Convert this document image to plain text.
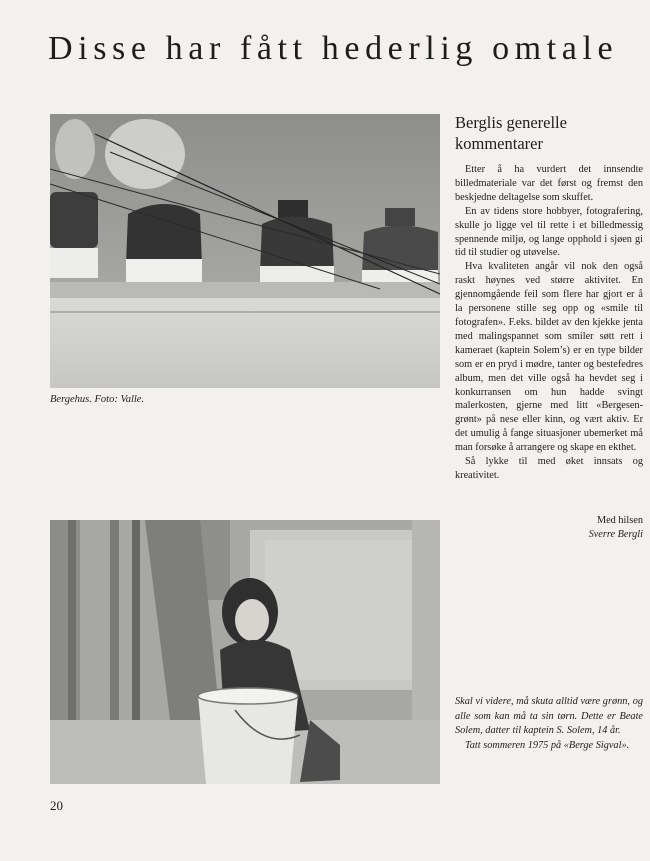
Disse har fått hederlig omtale
Bergehus. Foto: Valle.

Skal vi videre, må skuta alltid være grønn, og alle som kan må ta sin tørn. Dette er Beate Solem, datter til kaptein S. Solem, 14 år.

Tatt sommeren 1975 på «Berge Sigval».

Berglis generelle kommentarer

Etter å ha vurdert det innsendte billedmateriale var det først og fremst den beskjedne deltagelse som skuffet.

En av tidens store hobbyer, fotografering, skulle jo ligge vel til rette i et billedmessig spennende miljø, og lange opphold i sjøen gi tid til studier og utøvelse.

Hva kvaliteten angår vil nok den også raskt høynes ved større aktivitet. En gjennomgående feil som flere har gjort er å la personene stille seg opp og «smile til fotografen». F.eks. bildet av den kjekke jenta med malingspannet som smiler søtt rett i kameraet (kaptein Solem’s) er en type bilder som er en pryd i mødre, tanter og bestefedres album, men det ville også ha hevdet seg i konkurransen om hun hadde svingt malerkosten, gjerne med litt «Bergesen-grønt» på nese eller kinn, og vært aktiv. Er det umulig å fange situasjoner ubemerket må man forsøke å arrangere og skape en ekthet.

Så lykke til med øket innsats og kreativitet.

Med hilsen
Sverre Bergli
20
